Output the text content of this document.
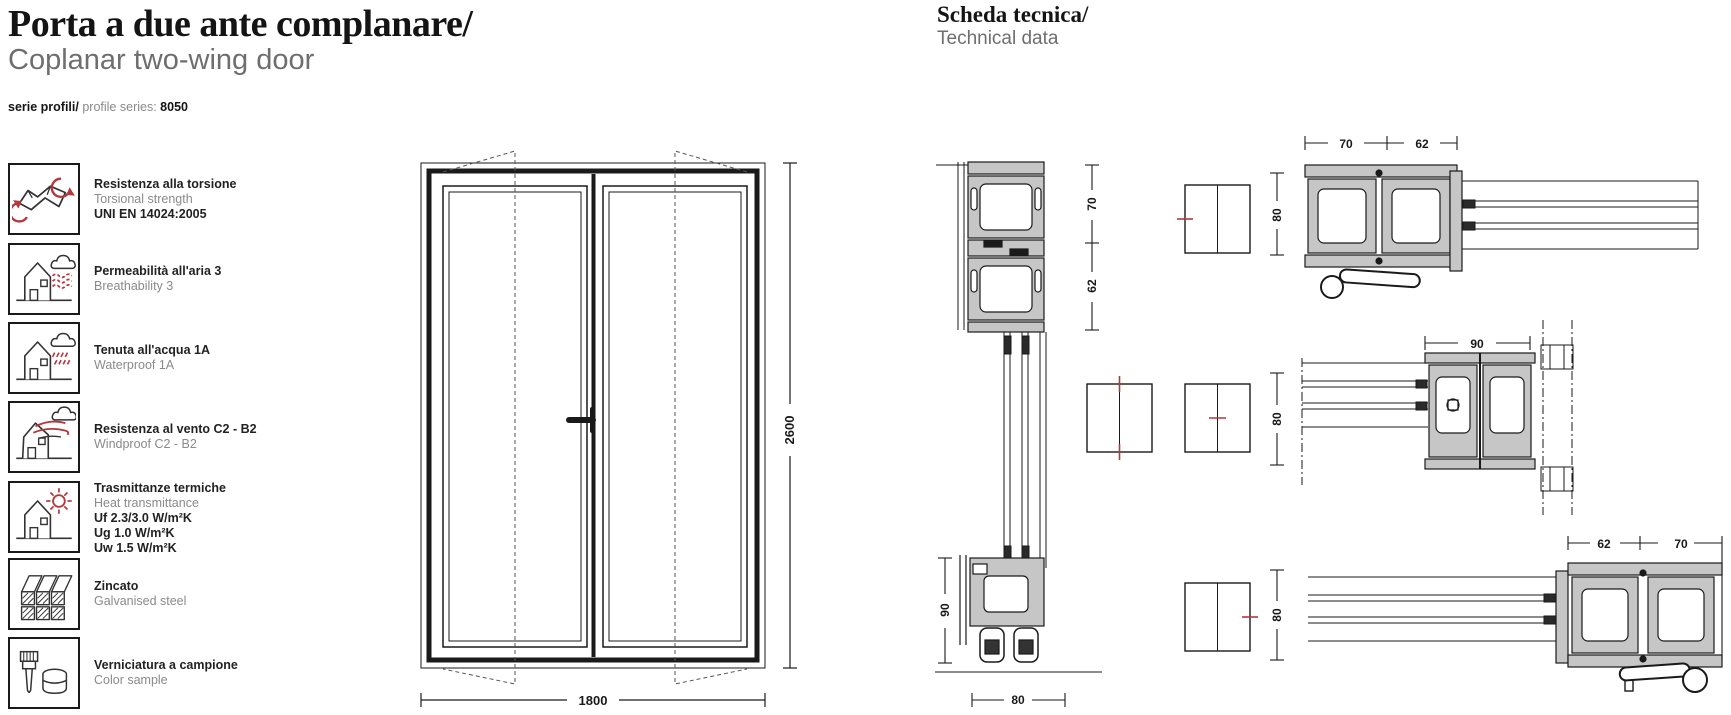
Porta a due ante complanare/
Coplanar two-wing door
serie profili/ profile series: 8050
Scheda tecnica/
Technical data
Resistenza alla torsione
Torsional strength
UNI EN 14024:2005
Permeabilità all'aria 3
Breathability 3
Tenuta all'acqua 1A
Waterproof 1A
Resistenza al vento C2 - B2
Windproof C2 - B2
Trasmittanze termiche
Heat transmittance
Uf 2.3/3.0 W/m²K
Ug 1.0 W/m²K
Uw 1.5 W/m²K
Zincato
Galvanised steel
Verniciatura a campione
Color sample
1800
2600
70
62
90
80
80
70	62
80
90
80
62	70
